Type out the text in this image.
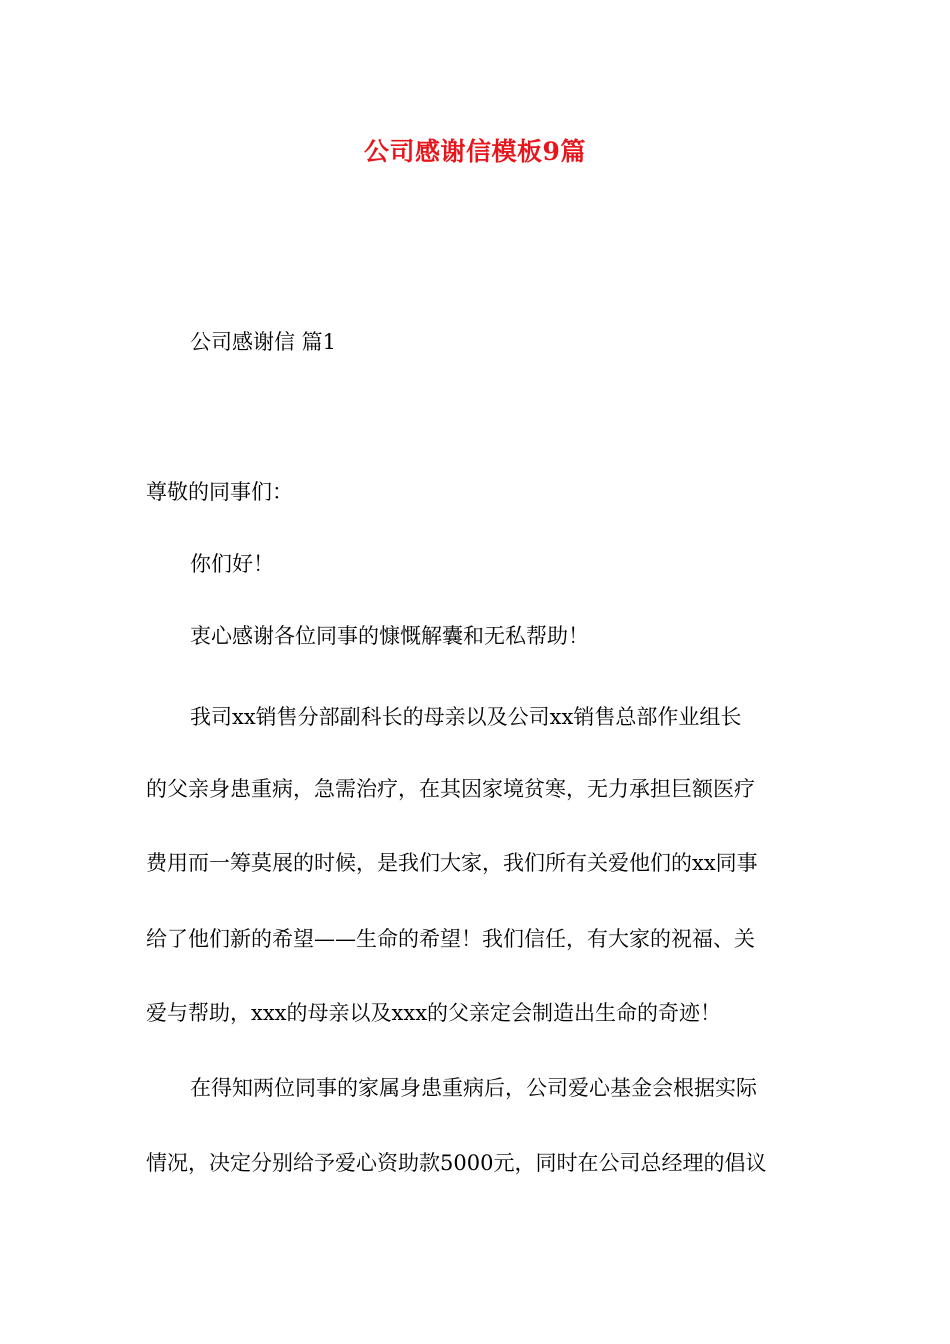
公司感谢信模板9篇
公司感谢信 篇1
尊敬的同事们：
你们好！
衷心感谢各位同事的慷慨解囊和无私帮助！
我司xx销售分部副科长的母亲以及公司xx销售总部作业组长
的父亲身患重病，急需治疗，在其因家境贫寒，无力承担巨额医疗
费用而一筹莫展的时候，是我们大家，我们所有关爱他们的xx同事
给了他们新的希望——生命的希望！我们信任，有大家的祝福、关
爱与帮助，xxx的母亲以及xxx的父亲定会制造出生命的奇迹！
在得知两位同事的家属身患重病后，公司爱心基金会根据实际
情况，决定分别给予爱心资助款5000元，同时在公司总经理的倡议
